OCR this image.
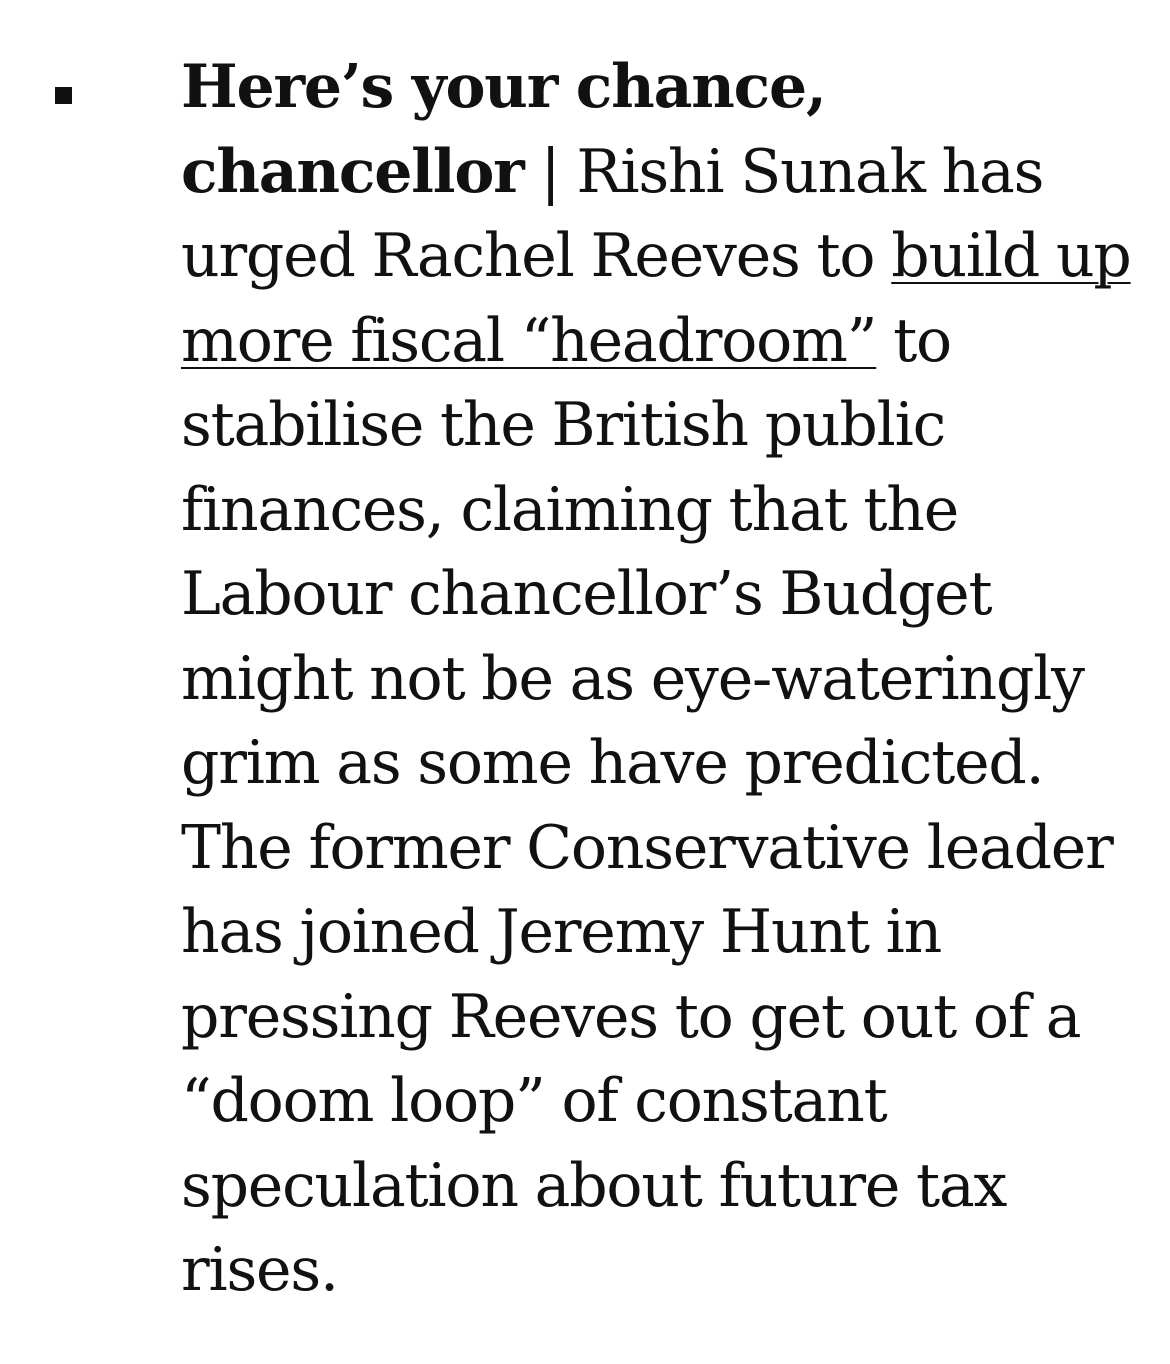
Here’s your chance, chancellor | Rishi Sunak has urged Rachel Reeves to build up more fiscal “headroom” to stabilise the British public finances, claiming that the Labour chancellor’s Budget might not be as eye-wateringly grim as some have predicted. The former Conservative leader has joined Jeremy Hunt in pressing Reeves to get out of a “doom loop” of constant speculation about future tax rises.
